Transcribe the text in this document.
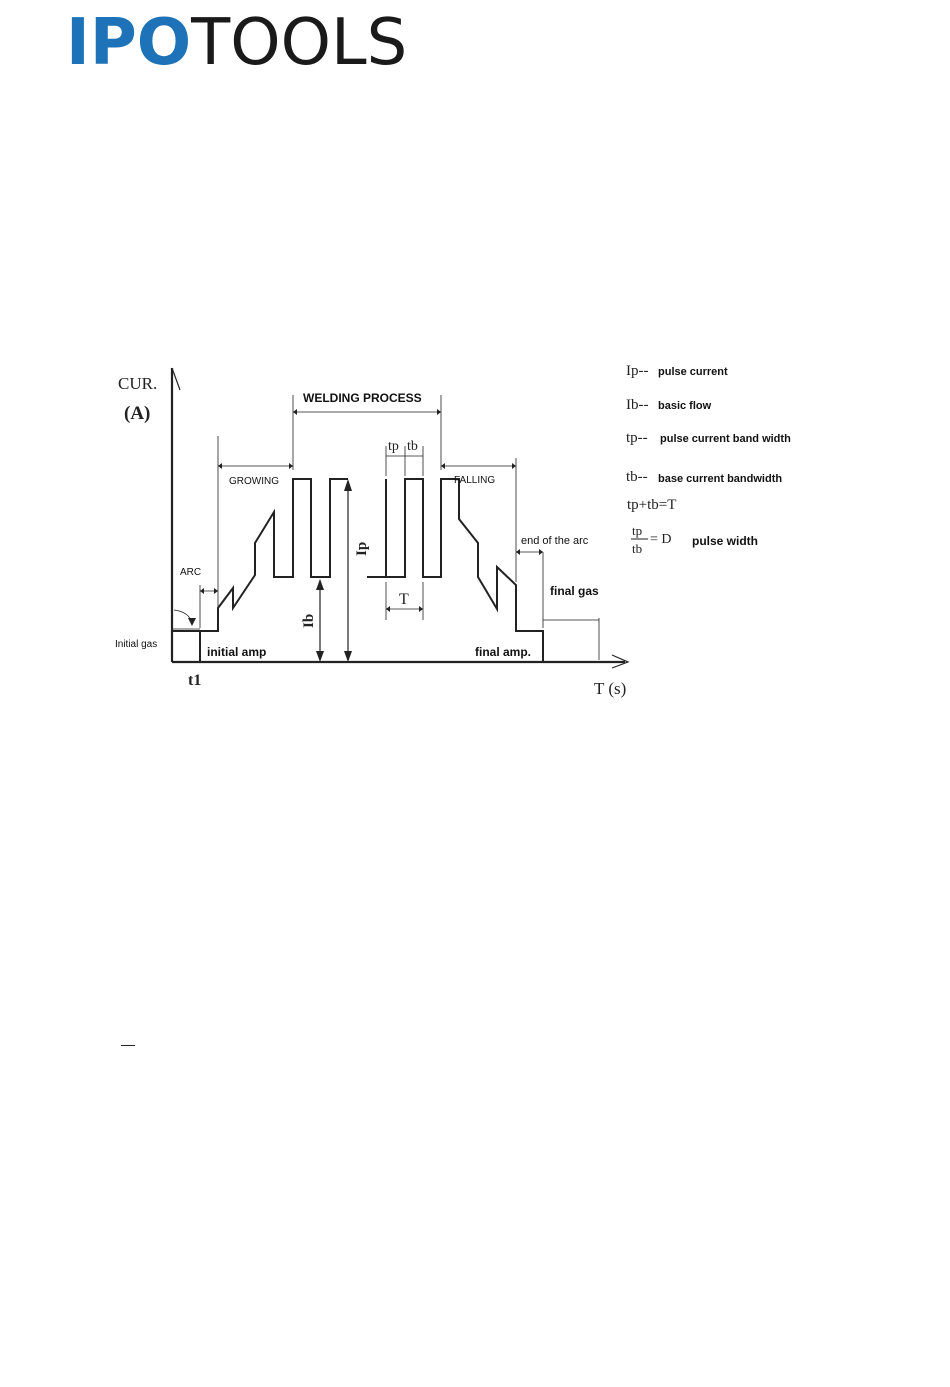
IPOTOOLS
CUR.
(A)
T (s)
t1
WELDING PROCESS
GROWING	FALLING
ARC
end of the arc
final gas
Initial gas
initial amp	final amp.
Ip
Ib
tp tb
T
Ip-- pulse current
Ib-- basic flow
tp-- pulse current band width
tb-- base current bandwidth
tp+tb=T
tp
tb
= D pulse width
